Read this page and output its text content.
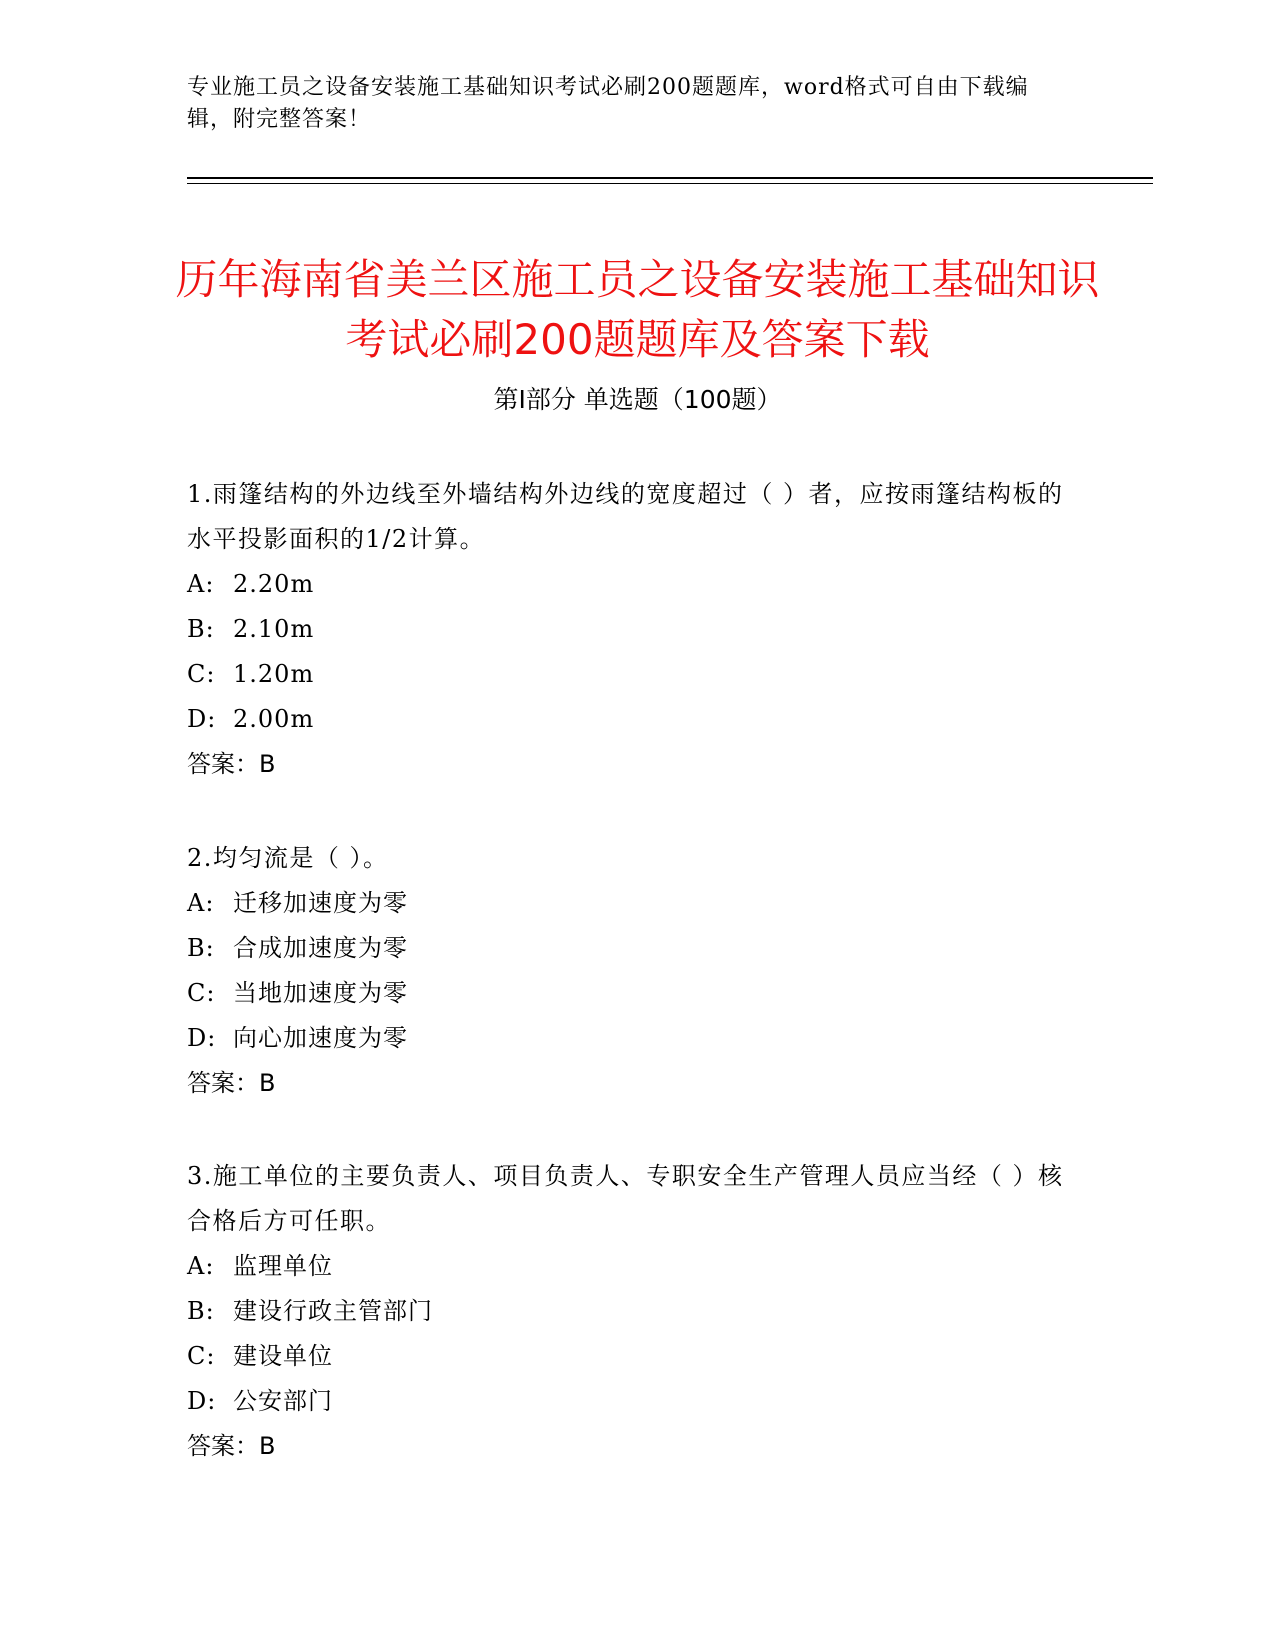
专业施工员之设备安装施工基础知识考试必刷200题题库，word格式可自由下载编辑，附完整答案！
历年海南省美兰区施工员之设备安装施工基础知识考试必刷200题题库及答案下载
第Ⅰ部分 单选题（100题）
1.雨篷结构的外边线至外墙结构外边线的宽度超过（ ）者，应按雨篷结构板的水平投影面积的1/2计算。
A: 2.20m
B: 2.10m
C: 1.20m
D: 2.00m
答案：B
2.均匀流是（ ）。
A: 迁移加速度为零
B: 合成加速度为零
C: 当地加速度为零
D: 向心加速度为零
答案：B
3.施工单位的主要负责人、项目负责人、专职安全生产管理人员应当经（ ）核合格后方可任职。
A: 监理单位
B: 建设行政主管部门
C: 建设单位
D: 公安部门
答案：B
